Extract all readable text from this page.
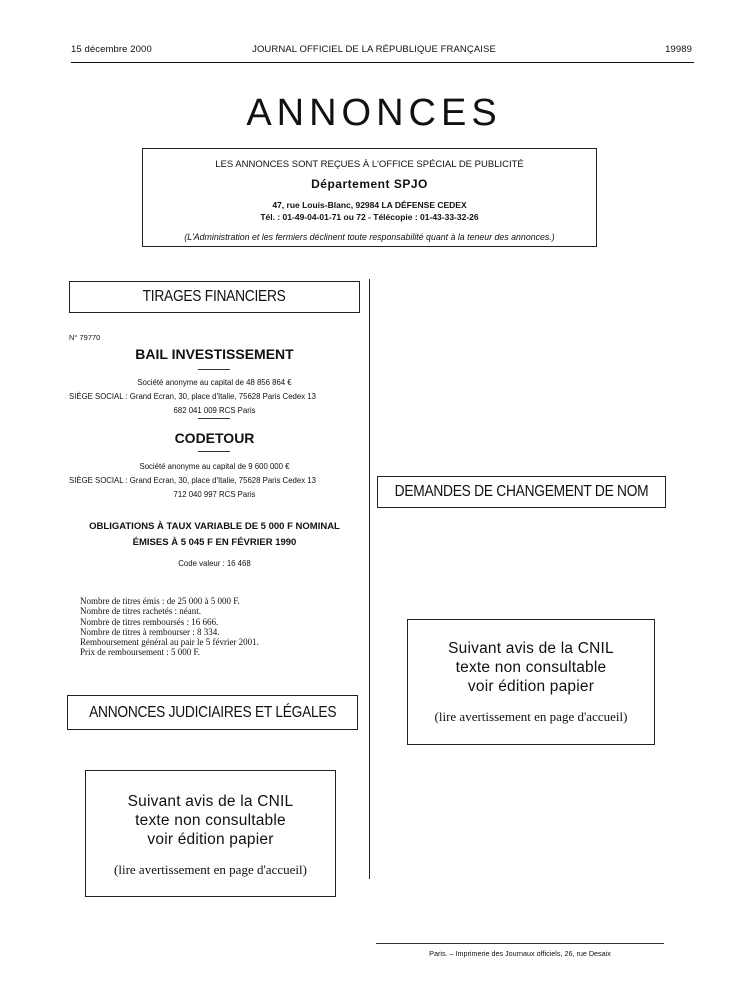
15 décembre 2000	JOURNAL OFFICIEL DE LA RÉPUBLIQUE FRANÇAISE	19989
ANNONCES

LES ANNONCES SONT REÇUES À L'OFFICE SPÉCIAL DE PUBLICITÉ

Département SPJO

47, rue Louis-Blanc, 92984 LA DÉFENSE CEDEX

Tél. : 01-49-04-01-71 ou 72 - Télécopie : 01-43-33-32-26

(L'Administration et les fermiers déclinent toute responsabilité quant à la teneur des annonces.)

TIRAGES FINANCIERS
N° 79770
BAIL INVESTISSEMENT
Société anonyme au capital de 48 856 864 €
SIÈGE SOCIAL : Grand Ecran, 30, place d'Italie, 75628 Paris Cedex 13
682 041 009 RCS Paris
CODETOUR
Société anonyme au capital de 9 600 000 €
SIÈGE SOCIAL : Grand Ecran, 30, place d'Italie, 75628 Paris Cedex 13
712 040 997 RCS Paris
OBLIGATIONS À TAUX VARIABLE DE 5 000 F NOMINAL
ÉMISES À 5 045 F EN FÉVRIER 1990
Code valeur : 16 468
Nombre de titres émis : de 25 000 à 5 000 F.
Nombre de titres rachetés : néant.
Nombre de titres remboursés : 16 666.
Nombre de titres à rembourser : 8 334.
Remboursement général au pair le 5 février 2001.
Prix de remboursement : 5 000 F.
ANNONCES JUDICIAIRES ET LÉGALES
Suivant avis de la CNIL
texte non consultable
voir édition papier
(lire avertissement en page d'accueil)
DEMANDES DE CHANGEMENT DE NOM
Suivant avis de la CNIL
texte non consultable
voir édition papier
(lire avertissement en page d'accueil)
Paris. – Imprimerie des Journaux officiels, 26, rue Desaix
